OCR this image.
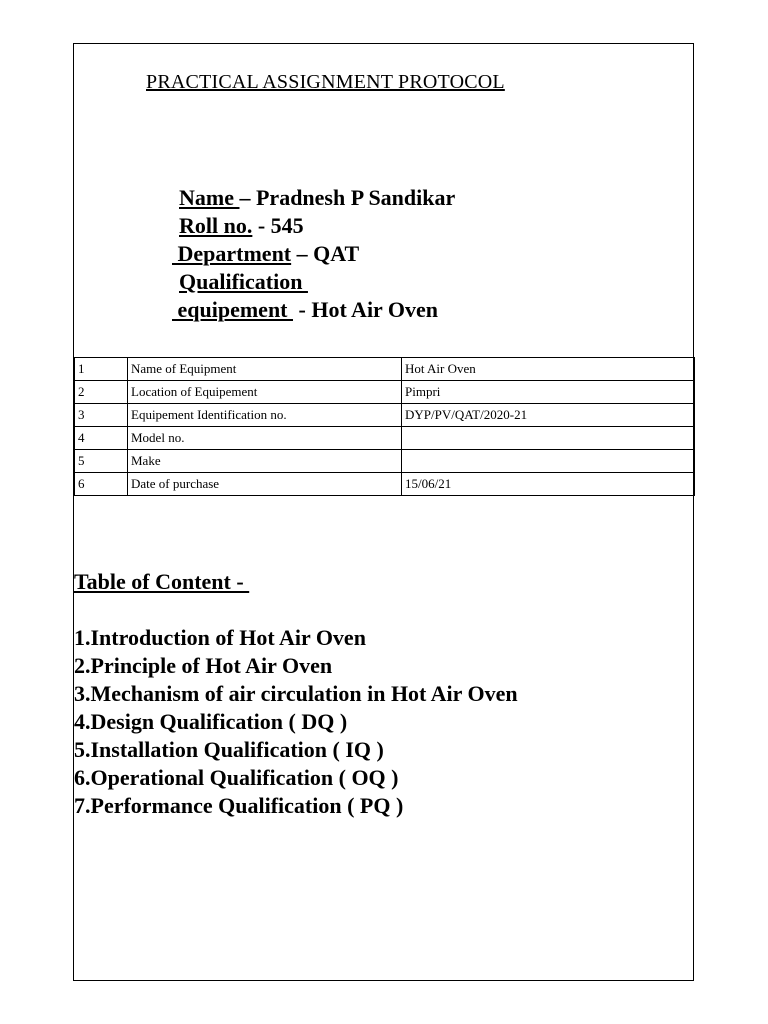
PRACTICAL ASSIGNMENT PROTOCOL
Name – Pradnesh P Sandikar
Roll no. - 545
Department – QAT
Qualification
equipement  - Hot Air Oven
1	Name of Equipment	Hot Air Oven
2	Location of Equipement	Pimpri
3	Equipement Identification no.	DYP/PV/QAT/2020-21
4	Model no.	
5	Make	
6	Date of purchase	15/06/21
Table of Content -
1.Introduction of Hot Air Oven
2.Principle of Hot Air Oven
3.Mechanism of air circulation in Hot Air Oven
4.Design Qualification ( DQ )
5.Installation Qualification ( IQ )
6.Operational Qualification ( OQ )
7.Performance Qualification ( PQ )
